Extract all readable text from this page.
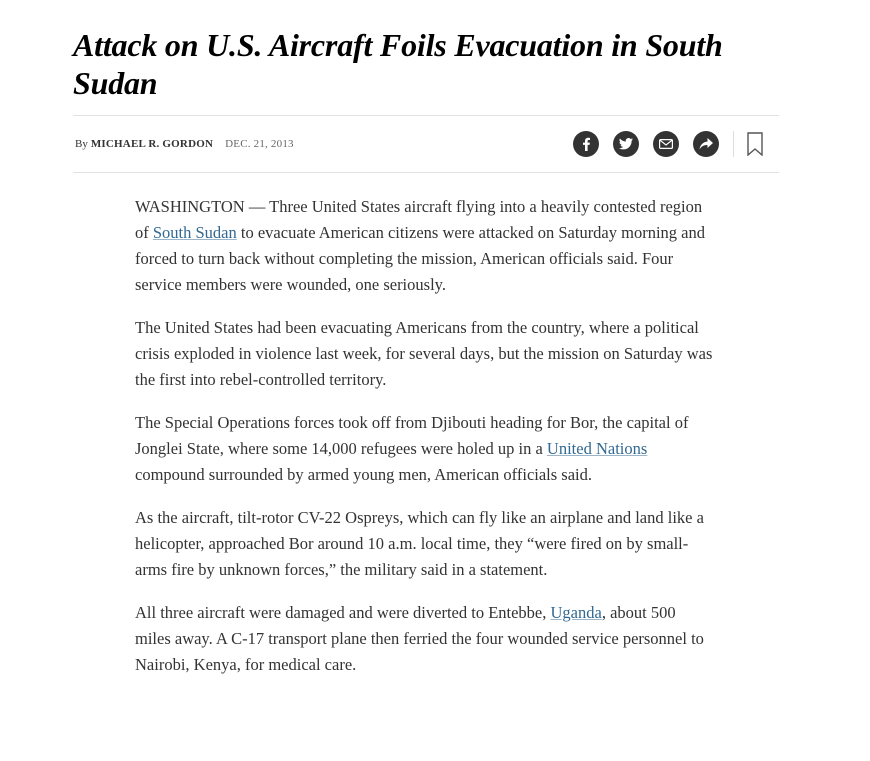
Attack on U.S. Aircraft Foils Evacuation in South Sudan
By MICHAEL R. GORDON DEC. 21, 2013

WASHINGTON — Three United States aircraft flying into a heavily contested region of South Sudan to evacuate American citizens were attacked on Saturday morning and forced to turn back without completing the mission, American officials said. Four service members were wounded, one seriously.

The United States had been evacuating Americans from the country, where a political crisis exploded in violence last week, for several days, but the mission on Saturday was the first into rebel-controlled territory.

The Special Operations forces took off from Djibouti heading for Bor, the capital of Jonglei State, where some 14,000 refugees were holed up in a United Nations compound surrounded by armed young men, American officials said.

As the aircraft, tilt-rotor CV-22 Ospreys, which can fly like an airplane and land like a helicopter, approached Bor around 10 a.m. local time, they “were fired on by small-arms fire by unknown forces,” the military said in a statement.

All three aircraft were damaged and were diverted to Entebbe, Uganda, about 500 miles away. A C-17 transport plane then ferried the four wounded service personnel to Nairobi, Kenya, for medical care.
